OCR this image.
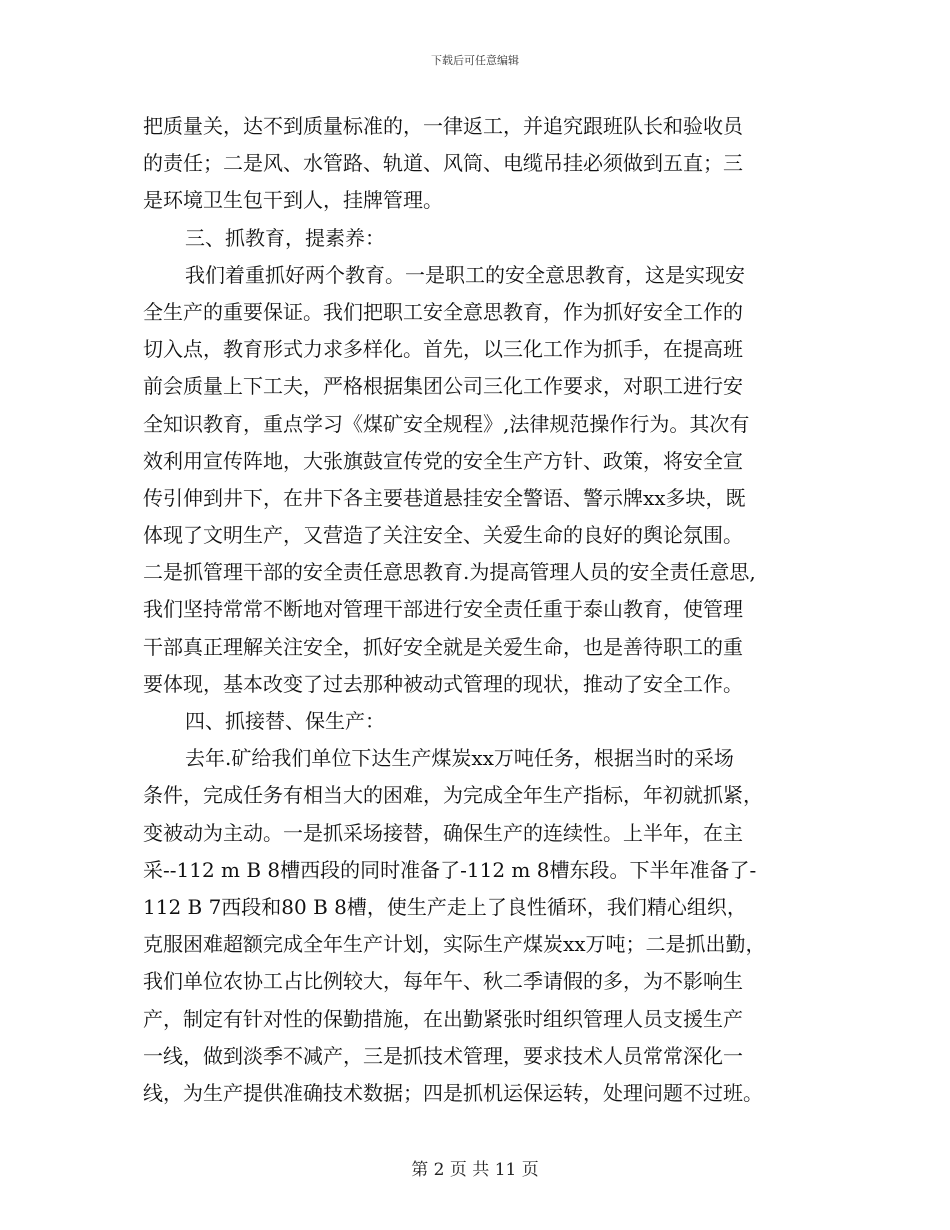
下载后可任意编辑
把质量关，达不到质量标准的，一律返工，并追究跟班队长和验收员
的责任；二是风、水管路、轨道、风筒、电缆吊挂必须做到五直；三
是环境卫生包干到人，挂牌管理。
三、抓教育，提素养：
我们着重抓好两个教育。一是职工的安全意思教育，这是实现安
全生产的重要保证。我们把职工安全意思教育，作为抓好安全工作的
切入点，教育形式力求多样化。首先，以三化工作为抓手，在提高班
前会质量上下工夫，严格根据集团公司三化工作要求，对职工进行安
全知识教育，重点学习《煤矿安全规程》,法律规范操作行为。其次有
效利用宣传阵地，大张旗鼓宣传党的安全生产方针、政策，将安全宣
传引伸到井下，在井下各主要巷道悬挂安全警语、警示牌xx多块，既
体现了文明生产，又营造了关注安全、关爱生命的良好的舆论氛围。
二是抓管理干部的安全责任意思教育.为提高管理人员的安全责任意思,
我们坚持常常不断地对管理干部进行安全责任重于泰山教育，使管理
干部真正理解关注安全，抓好安全就是关爱生命，也是善待职工的重
要体现，基本改变了过去那种被动式管理的现状，推动了安全工作。
四、抓接替、保生产：
去年.矿给我们单位下达生产煤炭xx万吨任务，根据当时的采场
条件，完成任务有相当大的困难，为完成全年生产指标，年初就抓紧，
变被动为主动。一是抓采场接替，确保生产的连续性。上半年，在主
采--112 m B 8槽西段的同时准备了-112 m 8槽东段。下半年准备了-
112 B 7西段和80 B 8槽，使生产走上了良性循环，我们精心组织，
克服困难超额完成全年生产计划，实际生产煤炭xx万吨；二是抓出勤，
我们单位农协工占比例较大，每年午、秋二季请假的多，为不影响生
产，制定有针对性的保勤措施，在出勤紧张时组织管理人员支援生产
一线，做到淡季不减产，三是抓技术管理，要求技术人员常常深化一
线，为生产提供准确技术数据；四是抓机运保运转，处理问题不过班。
第 2 页 共 11 页
